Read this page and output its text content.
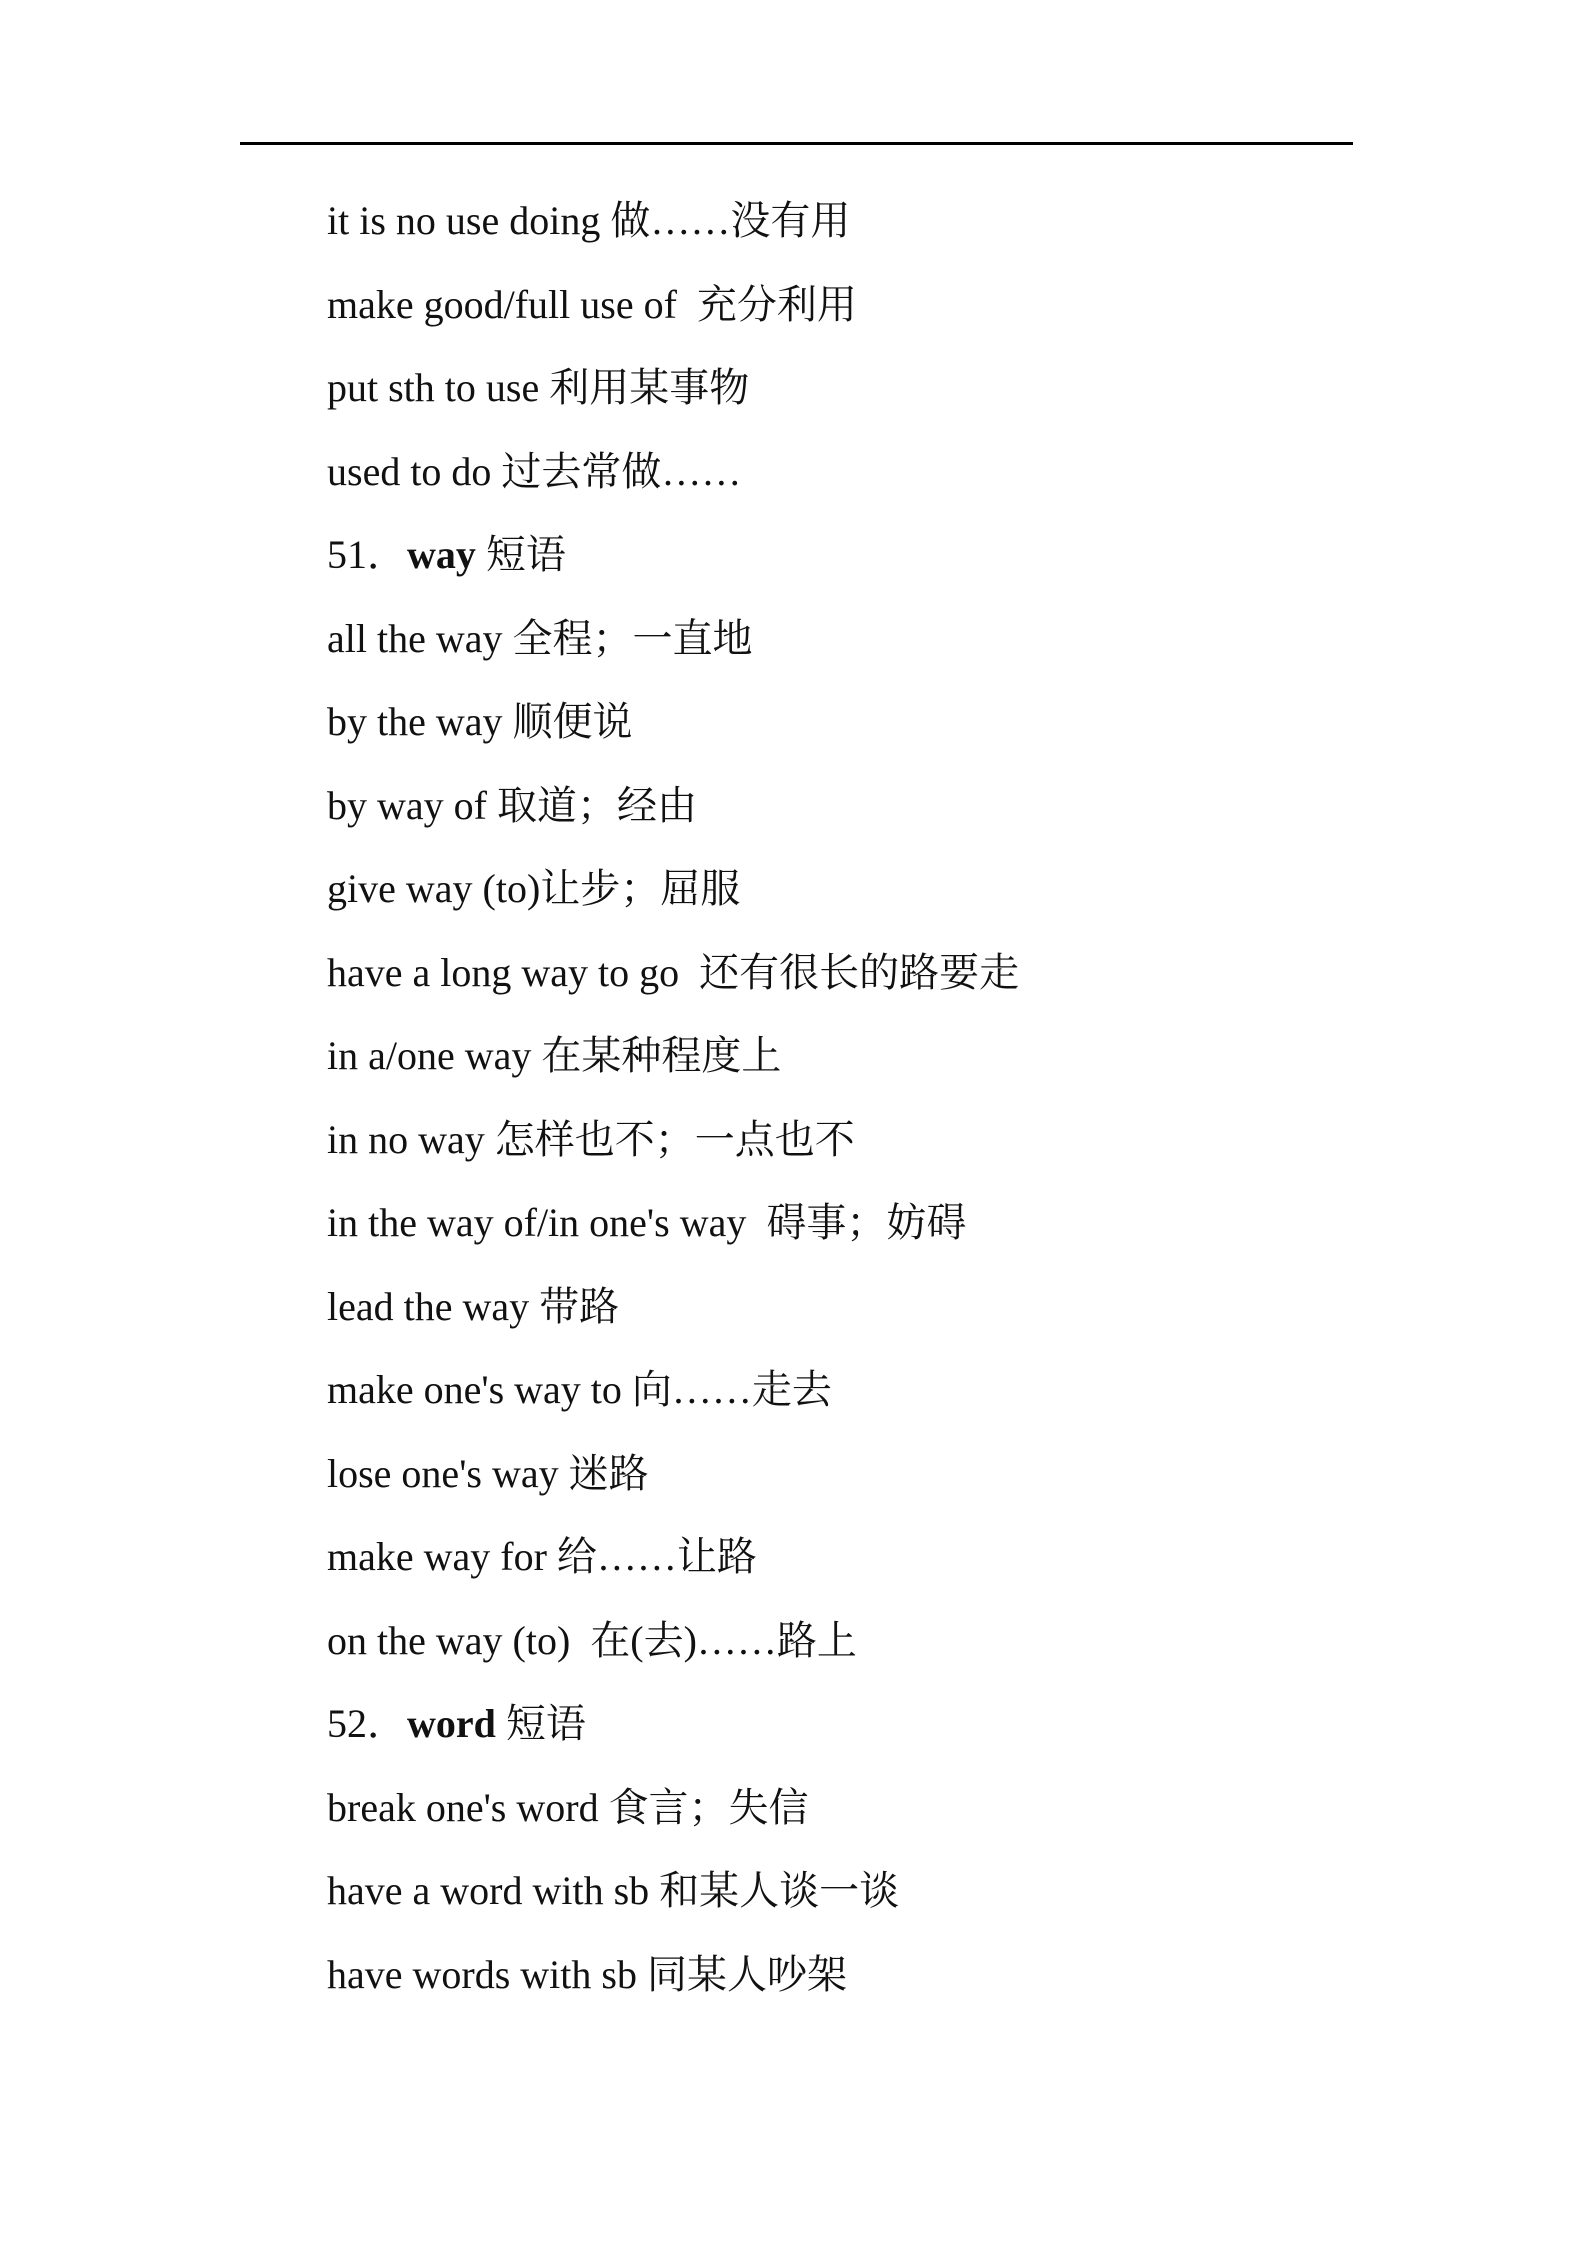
it is no use doing 做……没有用
make good/full use of  充分利用
put sth to use 利用某事物
used to do 过去常做……
51．way 短语
all the way 全程；一直地
by the way 顺便说
by way of 取道；经由
give way (to)让步；屈服
have a long way to go  还有很长的路要走
in a/one way 在某种程度上
in no way 怎样也不；一点也不
in the way of/in one's way  碍事；妨碍
lead the way 带路
make one's way to 向……走去
lose one's way 迷路
make way for 给……让路
on the way (to)  在(去)……路上
52．word 短语
break one's word 食言；失信
have a word with sb 和某人谈一谈
have words with sb 同某人吵架
